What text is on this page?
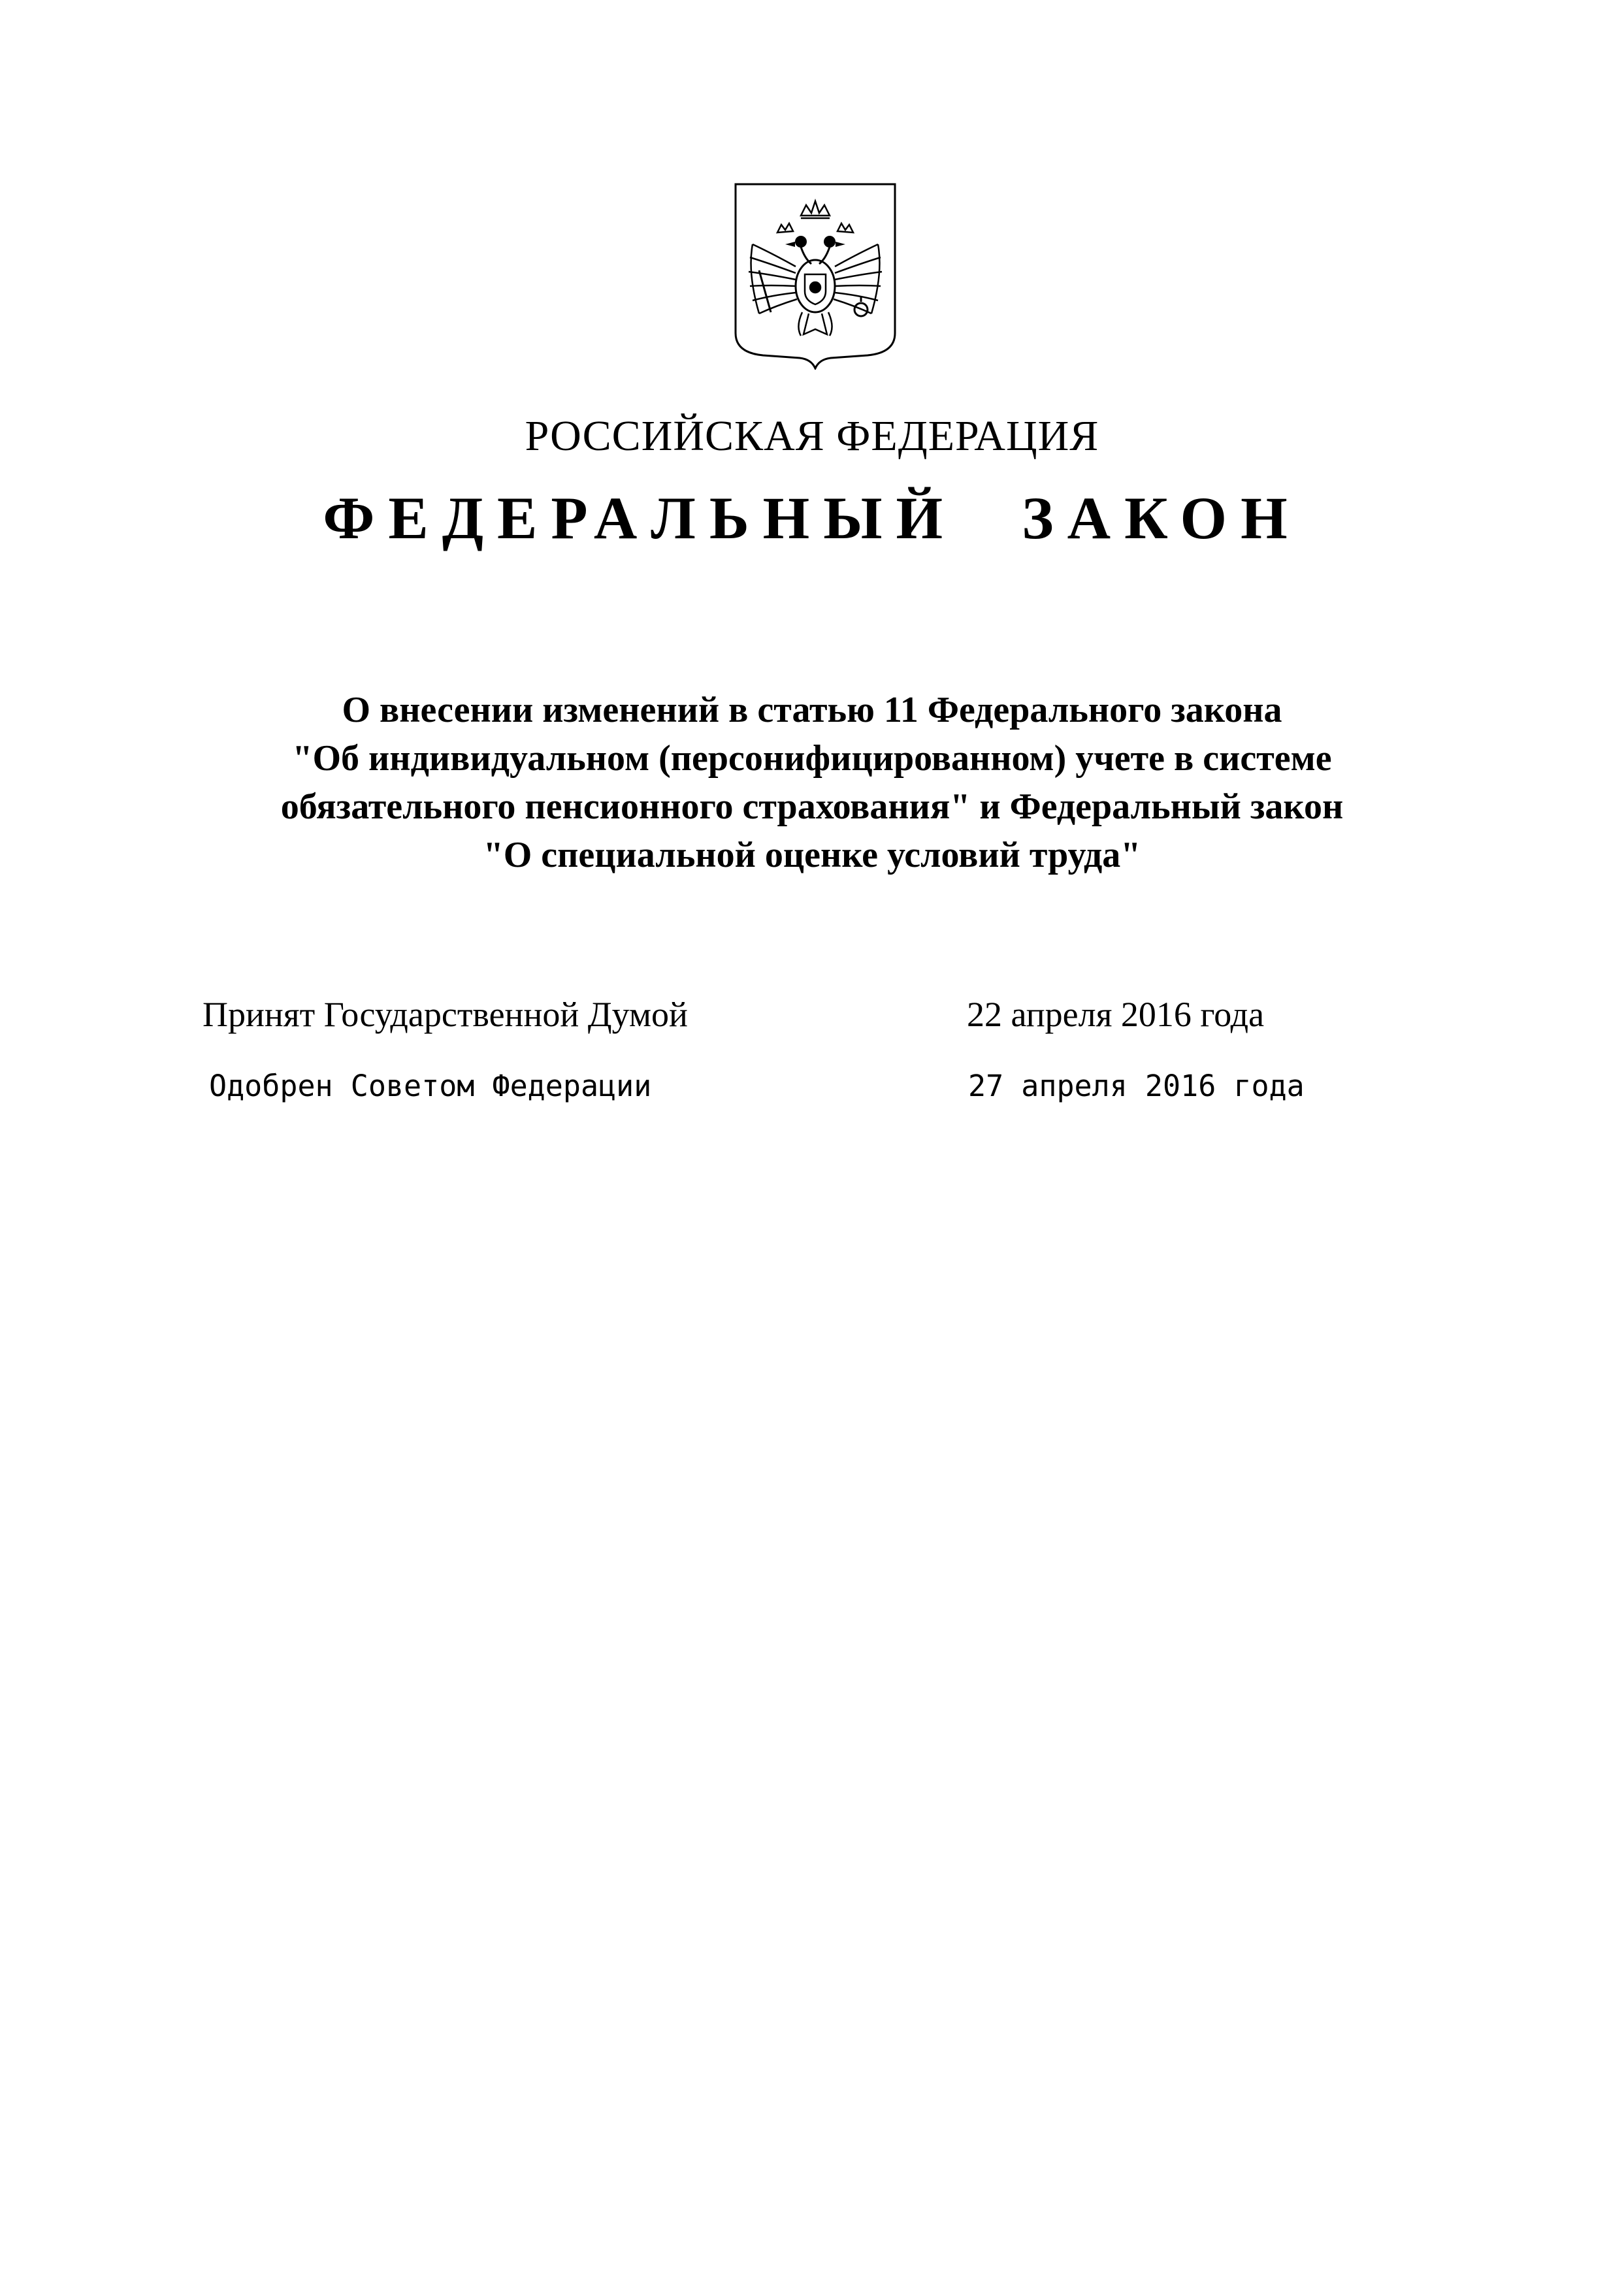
РОССИЙСКАЯ ФЕДЕРАЦИЯ
ФЕДЕРАЛЬНЫЙ ЗАКОН
О внесении изменений в статью 11 Федерального закона
"Об индивидуальном (персонифицированном) учете в системе
обязательного пенсионного страхования" и Федеральный закон
"О специальной оценке условий труда"
Принят Государственной Думой	22 апреля 2016 года
Одобрен Советом Федерации	27 апреля 2016 года
